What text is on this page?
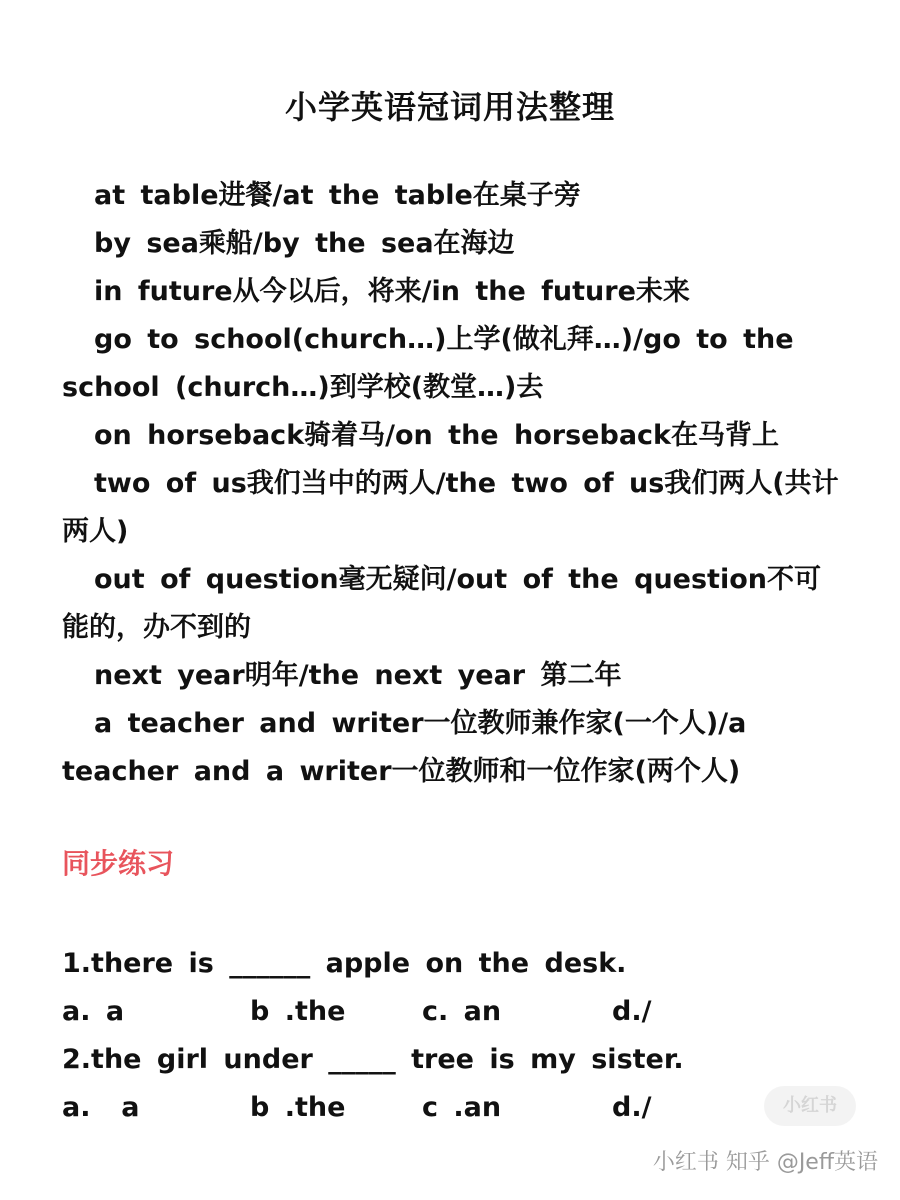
小学英语冠词用法整理

at table进餐/at the table在桌子旁

by sea乘船/by the sea在海边

in future从今以后，将来/in the future未来

go to school(church…)上学(做礼拜…)/go to the school (church…)到学校(教堂…)去

on horseback骑着马/on the horseback在马背上

two of us我们当中的两人/the two of us我们两人(共计两人)

out of question毫无疑问/out of the question不可能的，办不到的

next year明年/the next year 第二年

a teacher and writer一位教师兼作家(一个人)/a teacher and a writer一位教师和一位作家(两个人)

同步练习

1.there is ______ apple on the desk.

a. a	b .the	c. an	d./

2.the girl under _____ tree is my sister.

a.  a	b .the	c .an	d./	小红书
小红书 知乎 @Jeff英语
